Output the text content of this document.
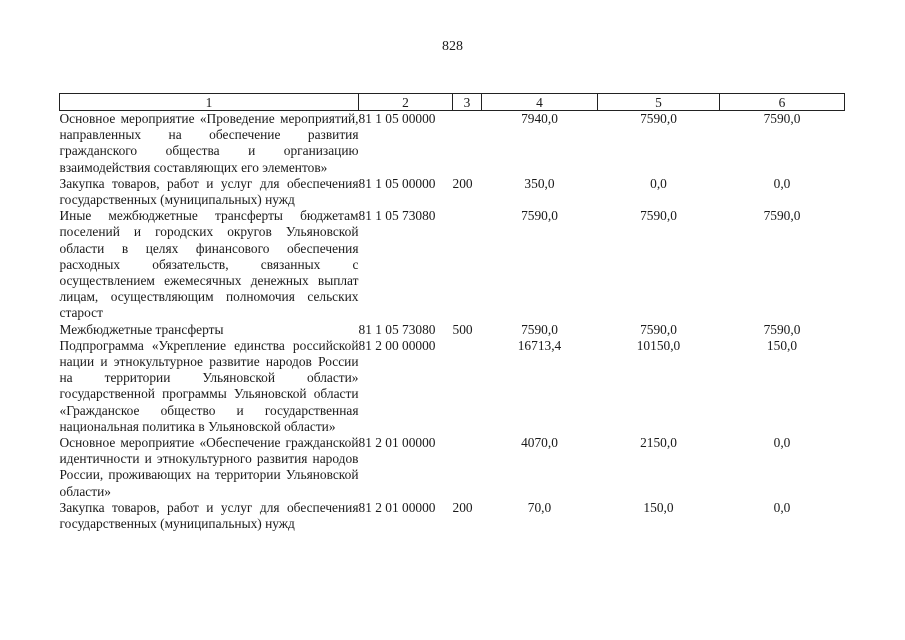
828
1	2	3	4	5	6
Основное мероприятие «Проведение мероприятий, направленных на обеспечение развития гражданского общества и организацию взаимодействия составляющих его элементов»	81 1 05 00000		7940,0	7590,0	7590,0
Закупка товаров, работ и услуг для обеспечения государственных (муниципальных) нужд	81 1 05 00000	200	350,0	0,0	0,0
Иные межбюджетные трансферты бюджетам поселений и городских округов Ульяновской области в целях финансового обеспечения расходных обязательств, связанных с осуществлением ежемесячных денежных выплат лицам, осуществляющим полномочия сельских старост	81 1 05 73080		7590,0	7590,0	7590,0
Межбюджетные трансферты	81 1 05 73080	500	7590,0	7590,0	7590,0
Подпрограмма «Укрепление единства российской нации и этнокультурное развитие народов России на территории Ульяновской области» государственной программы Ульяновской области «Гражданское общество и государственная национальная политика в Ульяновской области»	81 2 00 00000		16713,4	10150,0	150,0
Основное мероприятие «Обеспечение гражданской идентичности и этнокультурного развития народов России, проживающих на территории Ульяновской области»	81 2 01 00000		4070,0	2150,0	0,0
Закупка товаров, работ и услуг для обеспечения государственных (муниципальных) нужд	81 2 01 00000	200	70,0	150,0	0,0
